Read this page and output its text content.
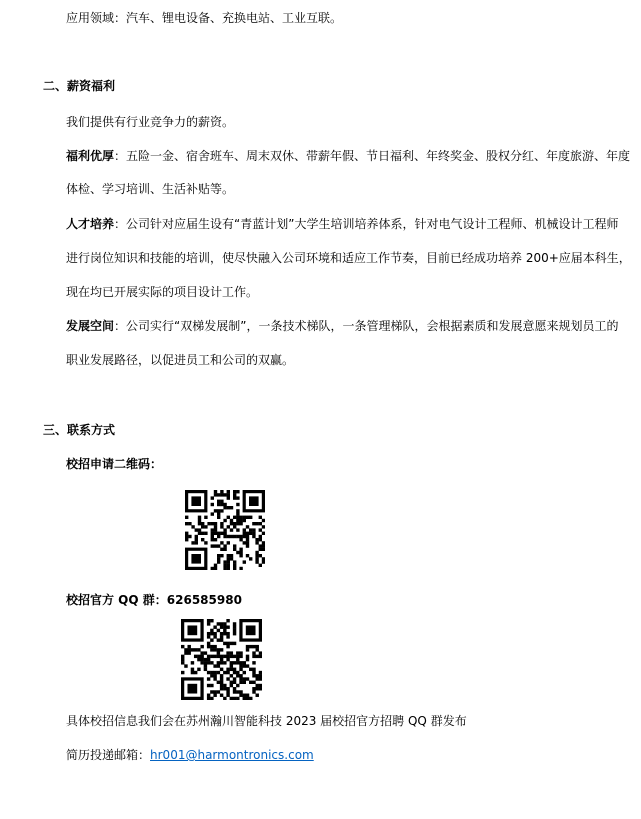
应用领域：汽车、锂电设备、充换电站、工业互联。
二、薪资福利
我们提供有行业竞争力的薪资。
福利优厚：五险一金、宿舍班车、周末双休、带薪年假、节日福利、年终奖金、股权分红、年度旅游、年度
体检、学习培训、生活补贴等。
人才培养：公司针对应届生设有“青蓝计划”大学生培训培养体系，针对电气设计工程师、机械设计工程师
进行岗位知识和技能的培训，使尽快融入公司环境和适应工作节奏，目前已经成功培养 200+应届本科生，
现在均已开展实际的项目设计工作。
发展空间：公司实行“双梯发展制”，一条技术梯队，一条管理梯队，会根据素质和发展意愿来规划员工的
职业发展路径，以促进员工和公司的双赢。
三、联系方式
校招申请二维码：
校招官方 QQ 群：626585980
具体校招信息我们会在苏州瀚川智能科技 2023 届校招官方招聘 QQ 群发布
简历投递邮箱：hr001@harmontronics.com
